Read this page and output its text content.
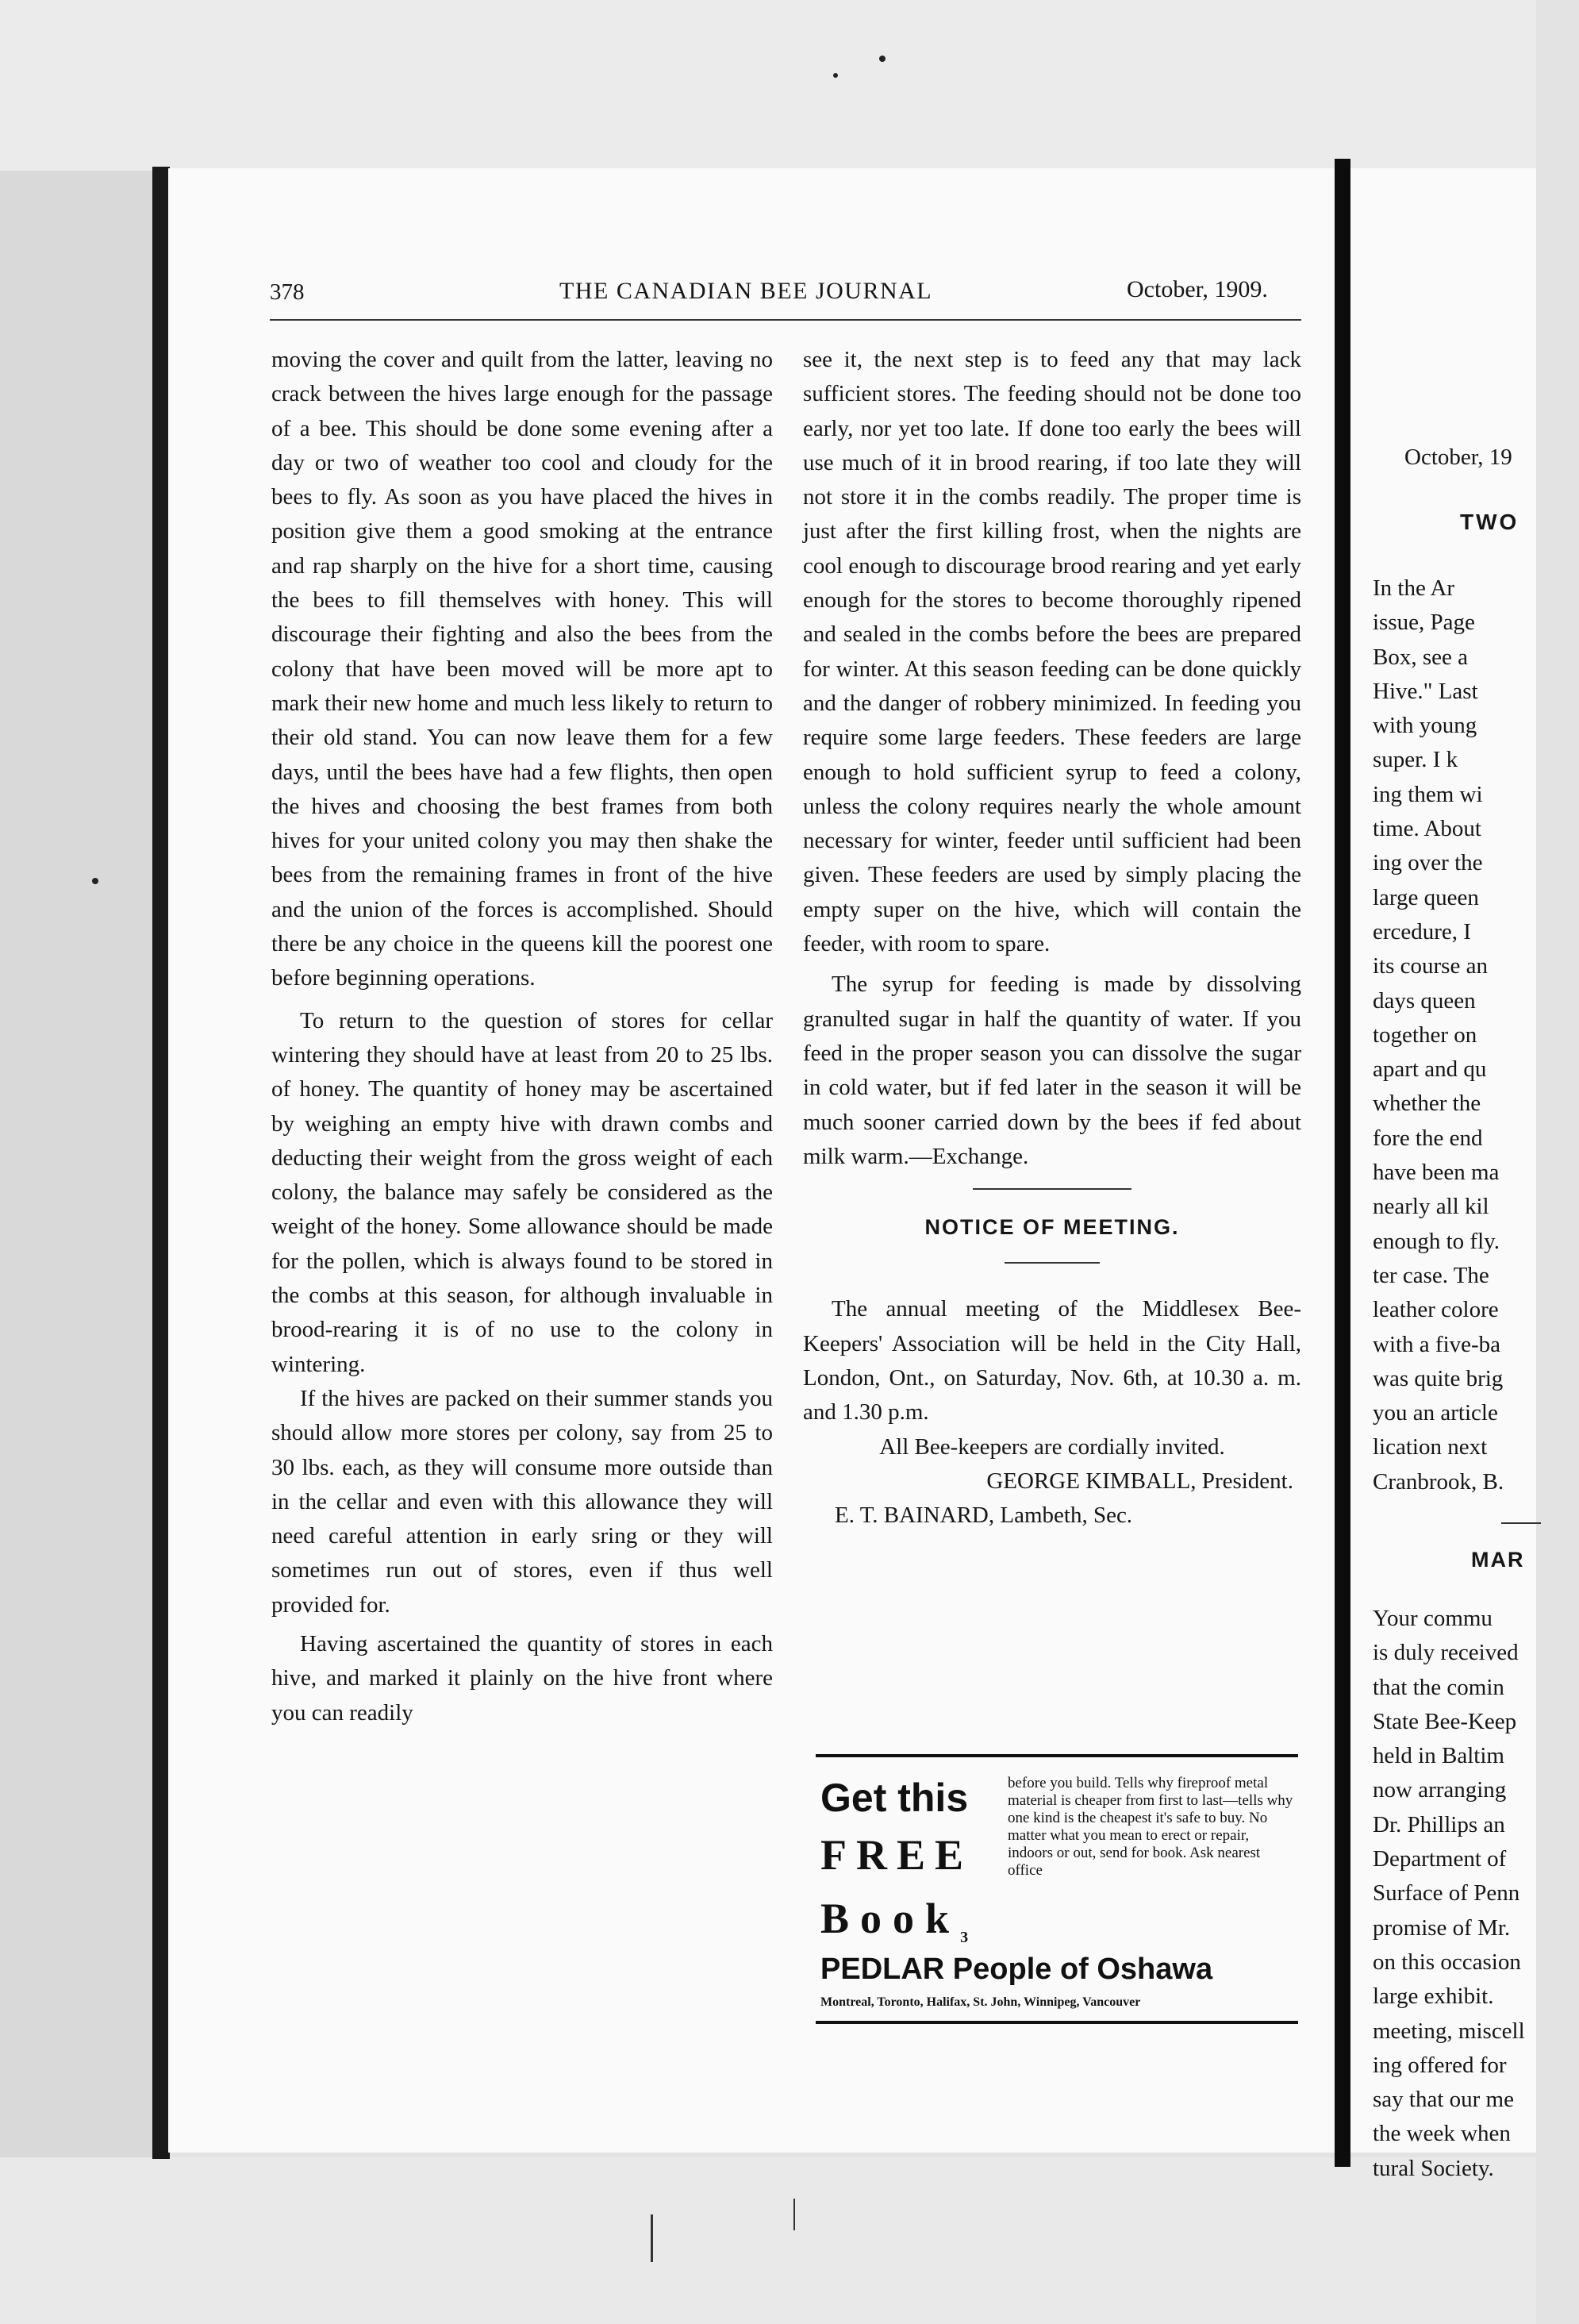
October, 19
TWO
In the Ar
issue, Page
Box, see a
Hive." Last
with young
super. I k
ing them wi
time. About
ing over the
large queen
ercedure, I
its course an
days queen
together on
apart and qu
whether the
fore the end
have been ma
nearly all kil
enough to fly.
ter case. The
leather colore
with a five-ba
was quite brig
you an article
lication next
Cranbrook, B.
MAR
Your commu
is duly received
that the comin
State Bee-Keep
held in Baltim
now arranging
Dr. Phillips an
Department of
Surface of Penn
promise of Mr.
on this occasion
large exhibit.
meeting, miscell
ing offered for
say that our me
the week when
tural Society.
378	THE CANADIAN BEE JOURNAL	October, 1909.

moving the cover and quilt from the latter, leaving no crack between the hives large enough for the passage of a bee. This should be done some evening after a day or two of weather too cool and cloudy for the bees to fly. As soon as you have placed the hives in position give them a good smoking at the entrance and rap sharply on the hive for a short time, causing the bees to fill themselves with honey. This will discourage their fighting and also the bees from the colony that have been moved will be more apt to mark their new home and much less likely to return to their old stand. You can now leave them for a few days, until the bees have had a few flights, then open the hives and choosing the best frames from both hives for your united colony you may then shake the bees from the remaining frames in front of the hive and the union of the forces is accomplished. Should there be any choice in the queens kill the poorest one before beginning operations.

To return to the question of stores for cellar wintering they should have at least from 20 to 25 lbs. of honey. The quantity of honey may be ascertained by weighing an empty hive with drawn combs and deducting their weight from the gross weight of each colony, the balance may safely be considered as the weight of the honey. Some allowance should be made for the pollen, which is always found to be stored in the combs at this season, for although invaluable in brood-rearing it is of no use to the colony in wintering.

If the hives are packed on their summer stands you should allow more stores per colony, say from 25 to 30 lbs. each, as they will consume more outside than in the cellar and even with this allowance they will need careful attention in early sring or they will sometimes run out of stores, even if thus well provided for.

Having ascertained the quantity of stores in each hive, and marked it plainly on the hive front where you can readily

see it, the next step is to feed any that may lack sufficient stores. The feeding should not be done too early, nor yet too late. If done too early the bees will use much of it in brood rearing, if too late they will not store it in the combs readily. The proper time is just after the first killing frost, when the nights are cool enough to discourage brood rearing and yet early enough for the stores to become thoroughly ripened and sealed in the combs before the bees are prepared for winter. At this season feeding can be done quickly and the danger of robbery minimized. In feeding you require some large feeders. These feeders are large enough to hold sufficient syrup to feed a colony, unless the colony requires nearly the whole amount necessary for winter, feeder until sufficient had been given. These feeders are used by simply placing the empty super on the hive, which will contain the feeder, with room to spare.

The syrup for feeding is made by dissolving granulted sugar in half the quantity of water. If you feed in the proper season you can dissolve the sugar in cold water, but if fed later in the season it will be much sooner carried down by the bees if fed about milk warm.—Exchange.

NOTICE OF MEETING.

The annual meeting of the Middlesex Bee-Keepers' Association will be held in the City Hall, London, Ont., on Saturday, Nov. 6th, at 10.30 a. m. and 1.30 p.m.

All Bee-keepers are cordially invited.

GEORGE KIMBALL, President.

E. T. BAINARD, Lambeth, Sec.

Get this
FREE
Book$_3$
before you build. Tells why fireproof metal material is cheaper from first to last—tells why one kind is the cheapest it's safe to buy. No matter what you mean to erect or repair, indoors or out, send for book. Ask nearest office
PEDLAR People of Oshawa
Montreal, Toronto, Halifax, St. John, Winnipeg, Vancouver
